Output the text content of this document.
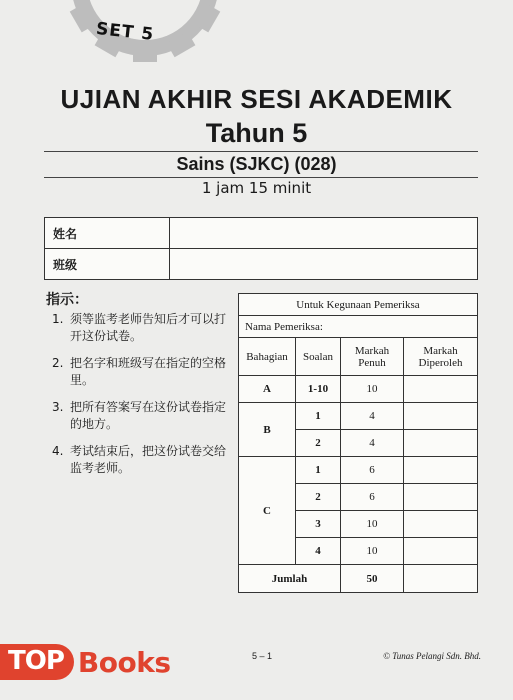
SET 5
UJIAN AKHIR SESI AKADEMIK
Tahun 5
Sains (SJKC) (028)
1 jam 15 minit
姓名	
班级	
指示：
1. 须等监考老师告知后才可以打开这份试卷。
2. 把名字和班级写在指定的空格里。
3. 把所有答案写在这份试卷指定的地方。
4. 考试结束后，把这份试卷交给监考老师。
Untuk Kegunaan Pemeriksa			
Nama Pemeriksa:			
Bahagian	Soalan	Markah Penuh	Markah Diperoleh
A	1-10	10	
B	1	4	
	2	4	
C	1	6	
	2	6	
	3	10	
	4	10	
Jumlah		50	
TOP Books	5 – 1	© Tunas Pelangi Sdn. Bhd.
